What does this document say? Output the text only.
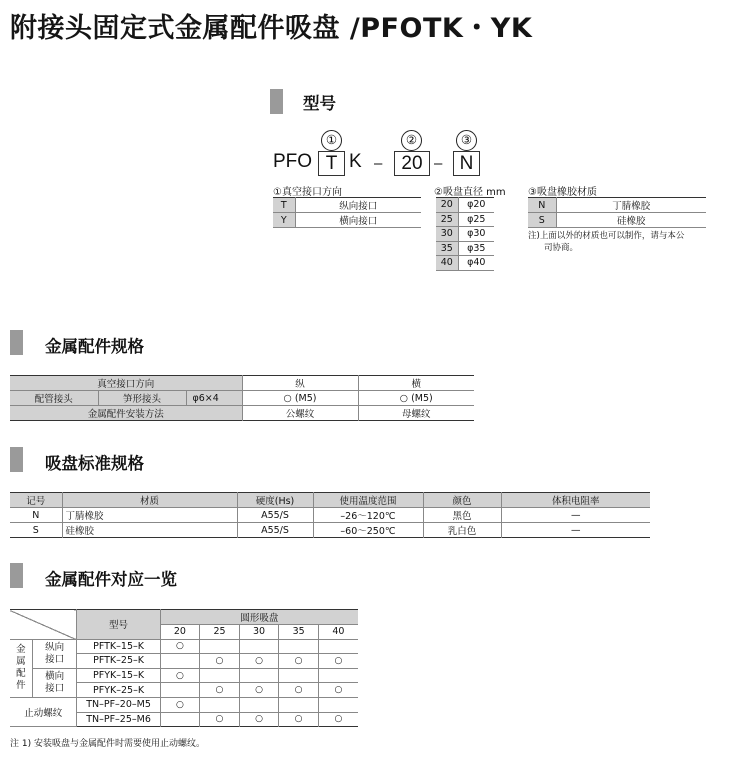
附接头固定式金属配件吸盘 /PFOTK・YK
型号
①	②	③
PFO T K –	20 – N
①真空接口方向
T	纵向接口
Y	横向接口
②吸盘直径 mm
20	φ20
25	φ25
30	φ30
35	φ35
40	φ40
③吸盘橡胶材质
N	丁腈橡胶
S	硅橡胶
注)上面以外的材质也可以制作，请与本公
司协商。
金属配件规格
真空接口方向			纵	横
配管接头	笋形接头	φ6×4	○ (M5)	○ (M5)
金属配件安装方法			公螺纹	母螺纹
吸盘标准规格
记号	材质	硬度(Hs)	使用温度范围	颜色	体积电阻率
N	丁腈橡胶	A55/S	–26～120℃	黑色	—
S	硅橡胶	A55/S	–60～250℃	乳白色	—
金属配件对应一览
		型号	圆形吸盘				
			20	25	30	35	40
金属配件	纵向接口	PFTK–15–K	○				
		PFTK–25–K		○	○	○	○
	横向接口	PFYK–15–K	○				
		PFYK–25–K		○	○	○	○
止动螺纹		TN–PF–20–M5	○				
		TN–PF–25–M6		○	○	○	○
注 1) 安装吸盘与金属配件时需要使用止动螺纹。
